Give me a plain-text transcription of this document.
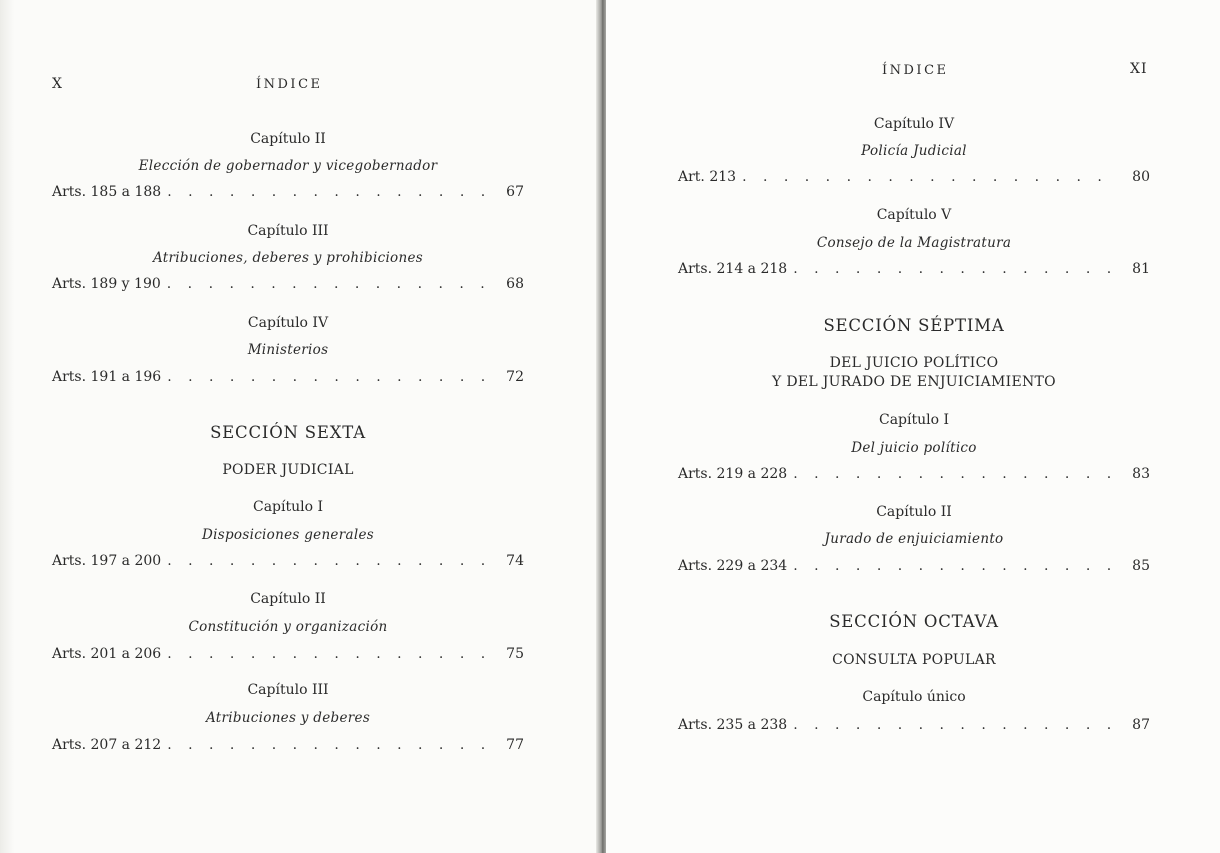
X	ÍNDICE
Capítulo II
Elección de gobernador y vicegobernador
Arts. 185 a 188 . . .	67
Capítulo III
Atribuciones, deberes y prohibiciones
Arts. 189 y 190 . . .	68
Capítulo IV
Ministerios
Arts. 191 a 196 . . .	72
SECCIÓN SEXTA
PODER JUDICIAL
Capítulo I
Disposiciones generales
Arts. 197 a 200 . . .	74
Capítulo II
Constitución y organización
Arts. 201 a 206 . . .	75
Capítulo III
Atribuciones y deberes
Arts. 207 a 212 . . .	77
ÍNDICE	XI
Capítulo IV
Policía Judicial
Art. 213 . . .	80
Capítulo V
Consejo de la Magistratura
Arts. 214 a 218 . . .	81
SECCIÓN SÉPTIMA
DEL JUICIO POLÍTICO
Y DEL JURADO DE ENJUICIAMIENTO
Capítulo I
Del juicio político
Arts. 219 a 228 . . .	83
Capítulo II
Jurado de enjuiciamiento
Arts. 229 a 234 . . .	85
SECCIÓN OCTAVA
CONSULTA POPULAR
Capítulo único
Arts. 235 a 238 . . .	87
